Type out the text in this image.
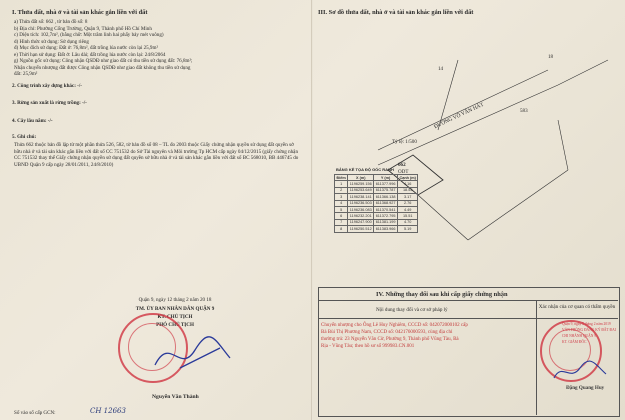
I. Thửa đất, nhà ở và tài sản khác gắn liền với đất
a) Thửa đất số: 662 , tờ bản đồ số: 8
b) Địa chỉ: Phường Cống Trường, Quận 9, Thành phố Hồ Chí Minh
c) Diện tích: 102,7m², (bằng chữ: Một trăm linh hai phẩy bảy mét vuông)
d) Hình thức sử dụng: Sử dụng riêng
đ) Mục đích sử dụng: Đất ở: 76,8m², đất trồng lúa nước còn lại 25,9m²
e) Thời hạn sử dụng: Đất ở: Lâu dài; đất trồng lúa nước còn lại: 24/8/2064
g) Nguồn gốc sử dụng: Công nhận QSDĐ như giao đất có thu tiền sử dụng đất: 76,8m²;
Nhận chuyển nhượng đất được Công nhận QSDĐ như giao đất không thu tiền sử dụng
đất: 25,9m²
2. Công trình xây dựng khác: -/-
3. Rừng sản xuất là rừng trồng: -/-
4. Cây lâu năm: -/-
5. Ghi chú:
Thửa 662 thuộc bản đồ lập từ một phần thửa 526, 582, tờ bản đồ số 08 – TL đo 2003 thuộc Giấy chứng nhận quyền sử dụng đất quyền sở hữu nhà ở và tài sản khác gắn liền với đất số CC 751532 do Sở Tài nguyên và Môi trường Tp HCM cấp ngày 04/12/2015 (giấy chứng nhận CC 751532 thay thế Giấy chứng nhận quyền sử dụng đất quyền sở hữu nhà ở và tài sản khác gắn liền với đất số BC 568010, BB 446745 do UBND Quận 9 cấp ngày 28/01/2011, 24/8/2010)
Quận 9, ngày 12 tháng 2 năm 20 18
TM. ỦY BAN NHÂN DÂN QUẬN 9
KT. CHỦ TỊCH
PHÓ CHỦ TỊCH
Nguyễn Văn Thành
Số vào sổ cấp GCN:	CH 12663
III. Sơ đồ thửa đất, nhà ở và tài sản khác gắn liền với đất
18
14
583
ĐƯỜNG VÕ VĂN HÁT
Tỷ lệ: 1/500
662
ODT
BẢNG KÊ TỌA ĐỘ GÓC RANH
Điểm	X (m)	Y (m)	Cạnh (m)
1	1196259.156	611377.996	4.16
2	1196253.649	611375.787	18.53
3	1196238.141	611366.138	3.17
4	1196236.503	611368.927	2.76
5	1196236.083	611370.541	4.49
6	1196232.201	611372.795	15.51
7	1196247.900	611381.199	4.70
8	1196250.512	611383.966	5.19
IV. Những thay đổi sau khi cấp giấy chứng nhận
Nội dung thay đổi và cơ sở pháp lý	Xác nhận của cơ quan có thẩm quyền
Chuyển nhượng cho Ông Lê Huy Nghiêm, CCCD số: 042072000102 cấp
Bà Bùi Thị Phương Nam, CCCD số: 042176000593, cùng địa chỉ
thường trú: 23 Nguyễn Văn Cừ, Phường 9, Thành phố Vũng Tàu, Bà
Rịa - Vũng Tàu; theo hồ sơ số 999983.CN.001
Quận 9, ngày 5 tháng 2 năm 2019
VĂN PHÒNG ĐĂNG KÝ ĐẤT ĐAI
CHI NHÁNH QUẬN 9
KT. GIÁM ĐỐC
Đặng Quang Huy
